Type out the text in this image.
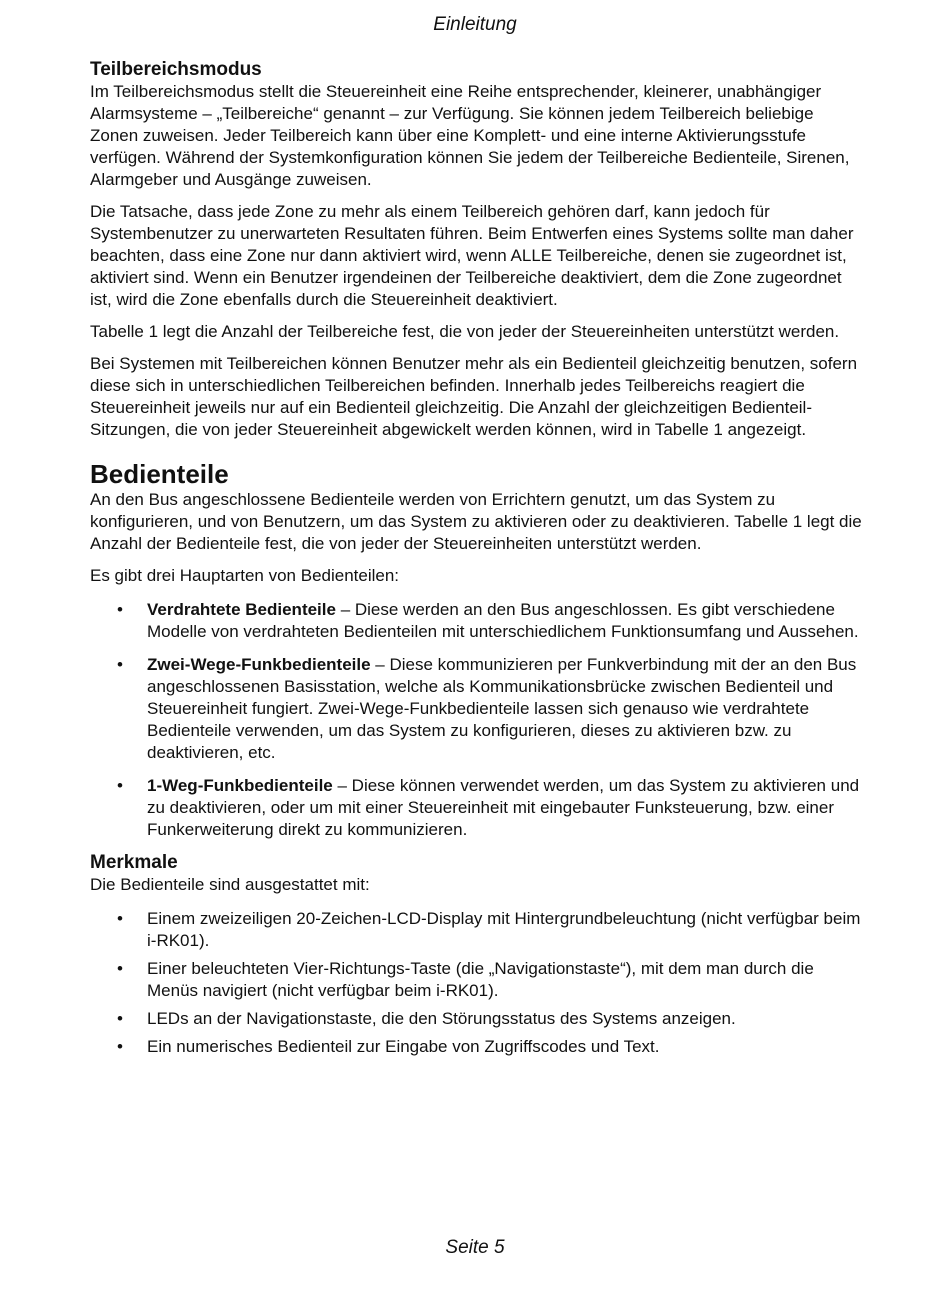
Einleitung
Teilbereichsmodus

Im Teilbereichsmodus stellt die Steuereinheit eine Reihe entsprechender, kleinerer, unabhängiger Alarmsysteme – „Teilbereiche“ genannt – zur Verfügung. Sie können jedem Teilbereich beliebige Zonen zuweisen. Jeder Teilbereich kann über eine Komplett- und eine interne Aktivierungsstufe verfügen. Während der Systemkonfiguration können Sie jedem der Teilbereiche Bedienteile, Sirenen, Alarmgeber und Ausgänge zuweisen.

Die Tatsache, dass jede Zone zu mehr als einem Teilbereich gehören darf, kann jedoch für Systembenutzer zu unerwarteten Resultaten führen. Beim Entwerfen eines Systems sollte man daher beachten, dass eine Zone nur dann aktiviert wird, wenn ALLE Teilbereiche, denen sie zugeordnet ist, aktiviert sind. Wenn ein Benutzer irgendeinen der Teilbereiche deaktiviert, dem die Zone zugeordnet ist, wird die Zone ebenfalls durch die Steuereinheit deaktiviert.

Tabelle 1 legt die Anzahl der Teilbereiche fest, die von jeder der Steuereinheiten unterstützt werden.

Bei Systemen mit Teilbereichen können Benutzer mehr als ein Bedienteil gleichzeitig benutzen, sofern diese sich in unterschiedlichen Teilbereichen befinden. Innerhalb jedes Teilbereichs reagiert die Steuereinheit jeweils nur auf ein Bedienteil gleichzeitig. Die Anzahl der gleichzeitigen Bedienteil-Sitzungen, die von jeder Steuereinheit abgewickelt werden können, wird in Tabelle 1 angezeigt.

Bedienteile

An den Bus angeschlossene Bedienteile werden von Errichtern genutzt, um das System zu konfigurieren, und von Benutzern, um das System zu aktivieren oder zu deaktivieren. Tabelle 1 legt die Anzahl der Bedienteile fest, die von jeder der Steuereinheiten unterstützt werden.

Es gibt drei Hauptarten von Bedienteilen:

• Verdrahtete Bedienteile – Diese werden an den Bus angeschlossen. Es gibt verschiedene Modelle von verdrahteten Bedienteilen mit unterschiedlichem Funktionsumfang und Aussehen.
• Zwei-Wege-Funkbedienteile – Diese kommunizieren per Funkverbindung mit der an den Bus angeschlossenen Basisstation, welche als Kommunikationsbrücke zwischen Bedienteil und Steuereinheit fungiert. Zwei-Wege-Funkbedienteile lassen sich genauso wie verdrahtete Bedienteile verwenden, um das System zu konfigurieren, dieses zu aktivieren bzw. zu deaktivieren, etc.
• 1-Weg-Funkbedienteile – Diese können verwendet werden, um das System zu aktivieren und zu deaktivieren, oder um mit einer Steuereinheit mit eingebauter Funksteuerung, bzw. einer Funkerweiterung direkt zu kommunizieren.
Merkmale

Die Bedienteile sind ausgestattet mit:

• Einem zweizeiligen 20-Zeichen-LCD-Display mit Hintergrundbeleuchtung (nicht verfügbar beim i-RK01).
• Einer beleuchteten Vier-Richtungs-Taste (die „Navigationstaste“), mit dem man durch die Menüs navigiert (nicht verfügbar beim i-RK01).
• LEDs an der Navigationstaste, die den Störungsstatus des Systems anzeigen.
• Ein numerisches Bedienteil zur Eingabe von Zugriffscodes und Text.
Seite 5
